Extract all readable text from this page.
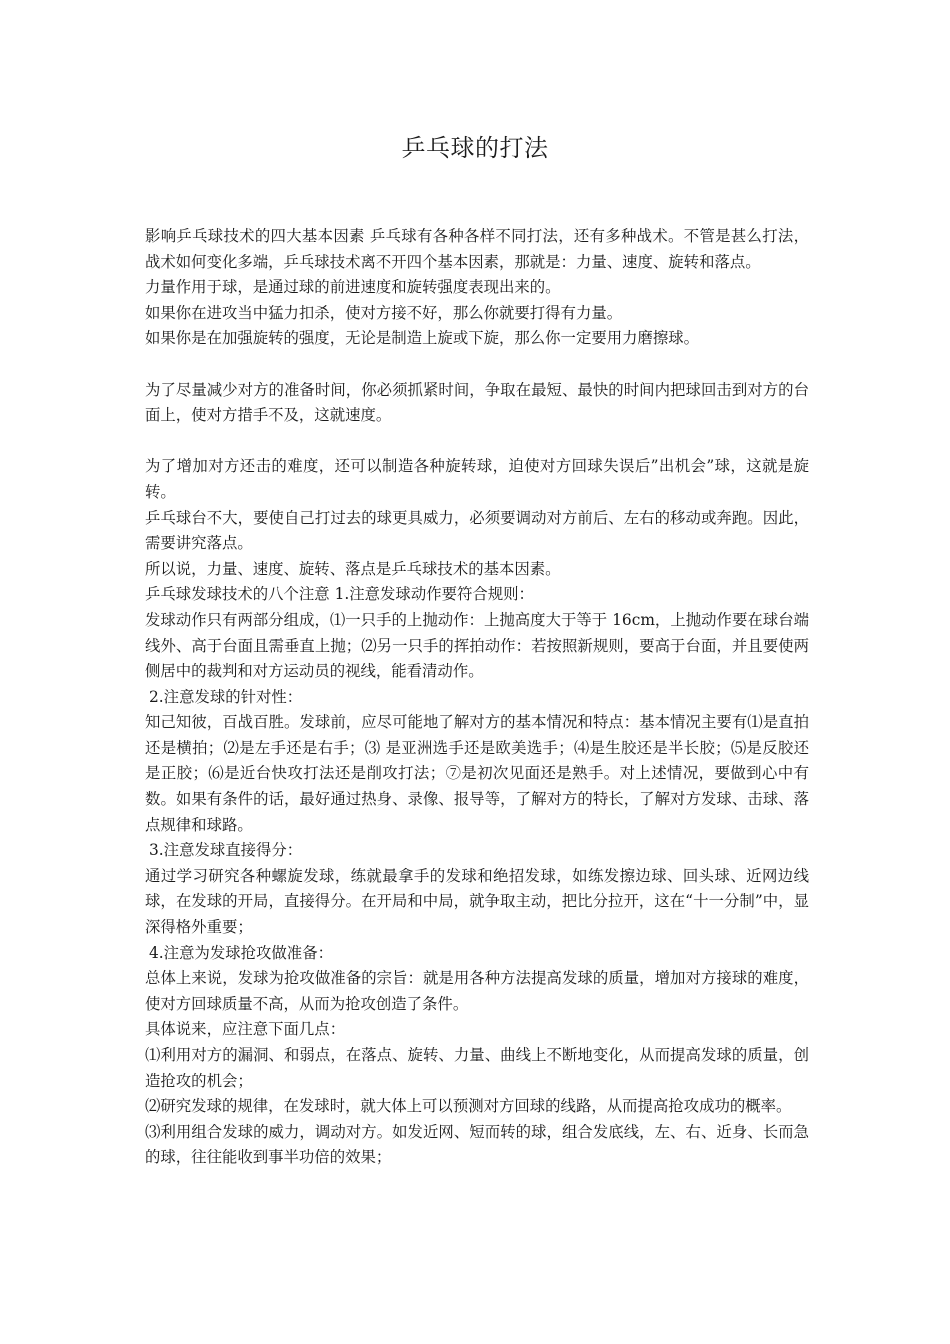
乒乓球的打法

影响乒乓球技术的四大基本因素 乒乓球有各种各样不同打法，还有多种战术。不管是甚么打法，战术如何变化多端，乒乓球技术离不开四个基本因素，那就是：力量、速度、旋转和落点。

力量作用于球，是通过球的前进速度和旋转强度表现出来的。

如果你在进攻当中猛力扣杀，使对方接不好，那么你就要打得有力量。

如果你是在加强旋转的强度，无论是制造上旋或下旋，那么你一定要用力磨擦球。

为了尽量减少对方的准备时间，你必须抓紧时间，争取在最短、最快的时间内把球回击到对方的台面上，使对方措手不及，这就速度。

为了增加对方还击的难度，还可以制造各种旋转球，迫使对方回球失误后”出机会”球，这就是旋转。

乒乓球台不大，要使自己打过去的球更具威力，必须要调动对方前后、左右的移动或奔跑。因此，需要讲究落点。

所以说，力量、速度、旋转、落点是乒乓球技术的基本因素。

乒乓球发球技术的八个注意 1.注意发球动作要符合规则：

发球动作只有两部分组成，⑴一只手的上抛动作：上抛高度大于等于 16cm，上抛动作要在球台端线外、高于台面且需垂直上抛；⑵另一只手的挥拍动作：若按照新规则，要高于台面，并且要使两侧居中的裁判和对方运动员的视线，能看清动作。

2.注意发球的针对性：

知己知彼，百战百胜。发球前，应尽可能地了解对方的基本情况和特点：基本情况主要有⑴是直拍还是横拍；⑵是左手还是右手；⑶ 是亚洲选手还是欧美选手；⑷是生胶还是半长胶；⑸是反胶还是正胶；⑹是近台快攻打法还是削攻打法；⑦是初次见面还是熟手。对上述情况，要做到心中有数。如果有条件的话，最好通过热身、录像、报导等，了解对方的特长，了解对方发球、击球、落点规律和球路。

3.注意发球直接得分：

通过学习研究各种螺旋发球，练就最拿手的发球和绝招发球，如练发擦边球、回头球、近网边线球，在发球的开局，直接得分。在开局和中局，就争取主动，把比分拉开，这在“十一分制”中，显深得格外重要；

4.注意为发球抢攻做准备：

总体上来说，发球为抢攻做准备的宗旨：就是用各种方法提高发球的质量，增加对方接球的难度，使对方回球质量不高，从而为抢攻创造了条件。

具体说来，应注意下面几点：

⑴利用对方的漏洞、和弱点，在落点、旋转、力量、曲线上不断地变化，从而提高发球的质量，创造抢攻的机会；

⑵研究发球的规律，在发球时，就大体上可以预测对方回球的线路，从而提高抢攻成功的概率。

⑶利用组合发球的威力，调动对方。如发近网、短而转的球，组合发底线，左、右、近身、长而急的球，往往能收到事半功倍的效果；
